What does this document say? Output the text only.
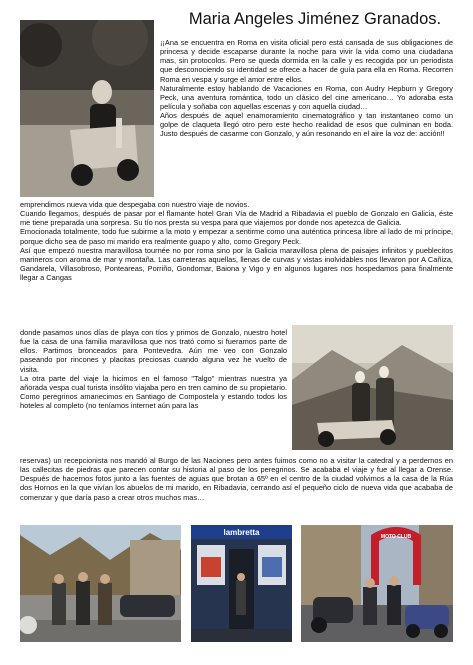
Maria Angeles Jiménez Granados.

¡¡Ana se encuentra en Roma en visita oficial pero está cansada de sus obligaciones de princesa y decide escaparse durante la noche para vivir la vida como una ciudadana mas, sin protocolos. Pero se queda dormida en la calle y es recogida por un periodista que desconociendo su identidad se ofrece a hacer de guía para ella en Roma. Recorren Roma en vespa y surge el amor entre ellos.

Naturalmente estoy hablando de Vacaciones en Roma, con Audry Hepburn y Gregory Peck, una aventura romántica, todo un clásico del cine americano… Yo adoraba esta película y soñaba con aquellas escenas y con aquella ciudad…

Años después de aquel enamoramiento cinematográfico y tan instantaneo como un golpe de claqueta llegó otro pero este hecho realidad de esos que culminan en boda. Justo después de casarme con Gonzalo, y aún resonando en el aire la voz de: acción!!

emprendimos nueva vida que despegaba con nuestro viaje de novios.

Cuando llegamos, después de pasar por el flamante hotel Gran Vía de Madrid a Ribadavia el pueblo de Gonzalo en Galicia, éste me tiene preparada una sorpresa. Su tío nos presta su vespa para que viajemos por donde nos apetezca de Galicia.

Emocionada totalmente, todo fue subirme a la moto y empezar a sentirme como una auténtica princesa libre al lado de mi príncipe, porque dicho sea de paso mi marido era realmente guapo y alto, como Gregory Peck.

Así que empezó nuestra maravillosa tournée no por roma sino por la Galicia maravillosa plena de paisajes infinitos y pueblecitos marineros con aroma de mar y montaña. Las carreteras aquellas, llenas de curvas y vistas inolvidables nos llevaron por A Cañiza, Gandarela, Villasobroso, Ponteareas, Porriño, Gondomar, Baiona y Vigo y en algunos lugares nos hospedamos para finalmente llegar a Cangas

donde pasamos unos días de playa con tíos y primos de Gonzalo, nuestro hotel fue la casa de una familia maravillosa que nos trató como si fueramos parte de ellos. Partimos bronceados para Pontevedra. Aún me veo con Gonzalo paseando por rincones y placitas preciosas cuando alguna vez he vuelto de visita.

La otra parte del viaje la hicimos en el famoso "Talgo" mientras nuestra ya añorada vespa cual turista insólito viajaba pero en tren camino de su propietario. Como peregrinos amanecimos en Santiago de Compostela y estando todos los hoteles al completo (no teníamos internet aún para las

reservas) un recepcionista nos mandó al Burgo de las Naciones pero antes fuimos como no a visitar la catedral y a perdernos en las callecitas de piedras que parecen contar su historia al paso de los peregrinos. Se acababa el viaje y fue al llegar a Orense. Después de hacernos fotos junto a las fuentes de aguas que brotan a 65º en el centro de la ciudad volvimos a la casa de la Rúa dos Hornos en la que vivían los abuelos de mi marido, en Ribadavia, cerrando así el pequeño ciclo de nueva vida que acababa de comenzar y que daría paso a crear otros muchos mas…

lambretta	MOTO CLUB
